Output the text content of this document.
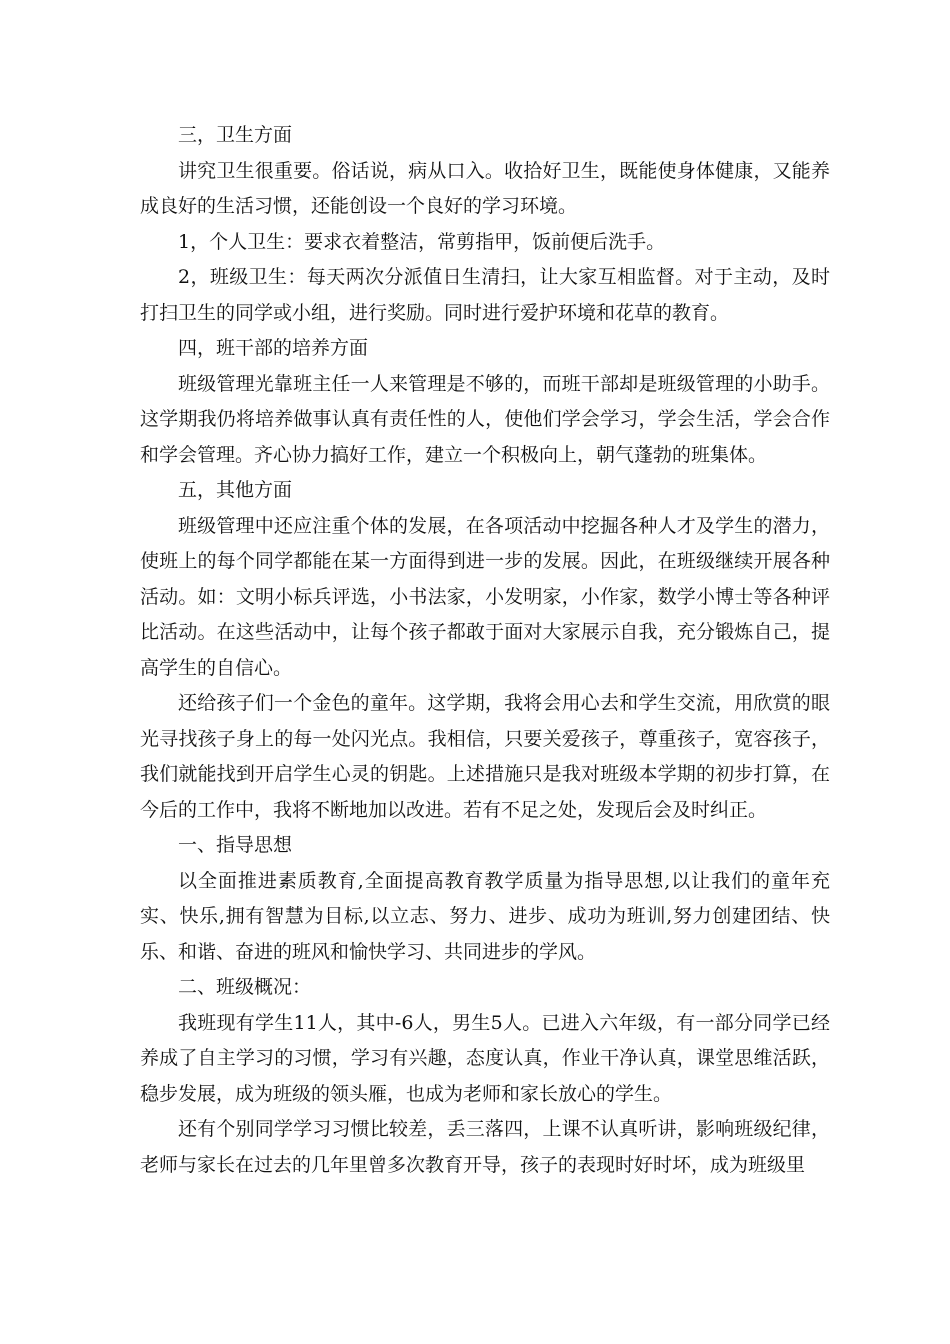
三，卫生方面

讲究卫生很重要。俗话说，病从口入。收拾好卫生，既能使身体健康，又能养成良好的生活习惯，还能创设一个良好的学习环境。

1，个人卫生：要求衣着整洁，常剪指甲，饭前便后洗手。

2，班级卫生：每天两次分派值日生清扫，让大家互相监督。对于主动，及时打扫卫生的同学或小组，进行奖励。同时进行爱护环境和花草的教育。

四，班干部的培养方面

班级管理光靠班主任一人来管理是不够的，而班干部却是班级管理的小助手。这学期我仍将培养做事认真有责任性的人，使他们学会学习，学会生活，学会合作和学会管理。齐心协力搞好工作，建立一个积极向上，朝气蓬勃的班集体。

五，其他方面

班级管理中还应注重个体的发展，在各项活动中挖掘各种人才及学生的潜力，使班上的每个同学都能在某一方面得到进一步的发展。因此，在班级继续开展各种活动。如：文明小标兵评选，小书法家，小发明家，小作家，数学小博士等各种评比活动。在这些活动中，让每个孩子都敢于面对大家展示自我，充分锻炼自己，提高学生的自信心。

还给孩子们一个金色的童年。这学期，我将会用心去和学生交流，用欣赏的眼光寻找孩子身上的每一处闪光点。我相信，只要关爱孩子，尊重孩子，宽容孩子，我们就能找到开启学生心灵的钥匙。上述措施只是我对班级本学期的初步打算，在今后的工作中，我将不断地加以改进。若有不足之处，发现后会及时纠正。

一、指导思想

以全面推进素质教育,全面提高教育教学质量为指导思想,以让我们的童年充实、快乐,拥有智慧为目标,以立志、努力、进步、成功为班训,努力创建团结、快乐、和谐、奋进的班风和愉快学习、共同进步的学风。

二、班级概况：

我班现有学生11人，其中-6人，男生5人。已进入六年级，有一部分同学已经养成了自主学习的习惯，学习有兴趣，态度认真，作业干净认真，课堂思维活跃，稳步发展，成为班级的领头雁，也成为老师和家长放心的学生。

还有个别同学学习习惯比较差，丢三落四，上课不认真听讲，影响班级纪律，老师与家长在过去的几年里曾多次教育开导，孩子的表现时好时坏，成为班级里
